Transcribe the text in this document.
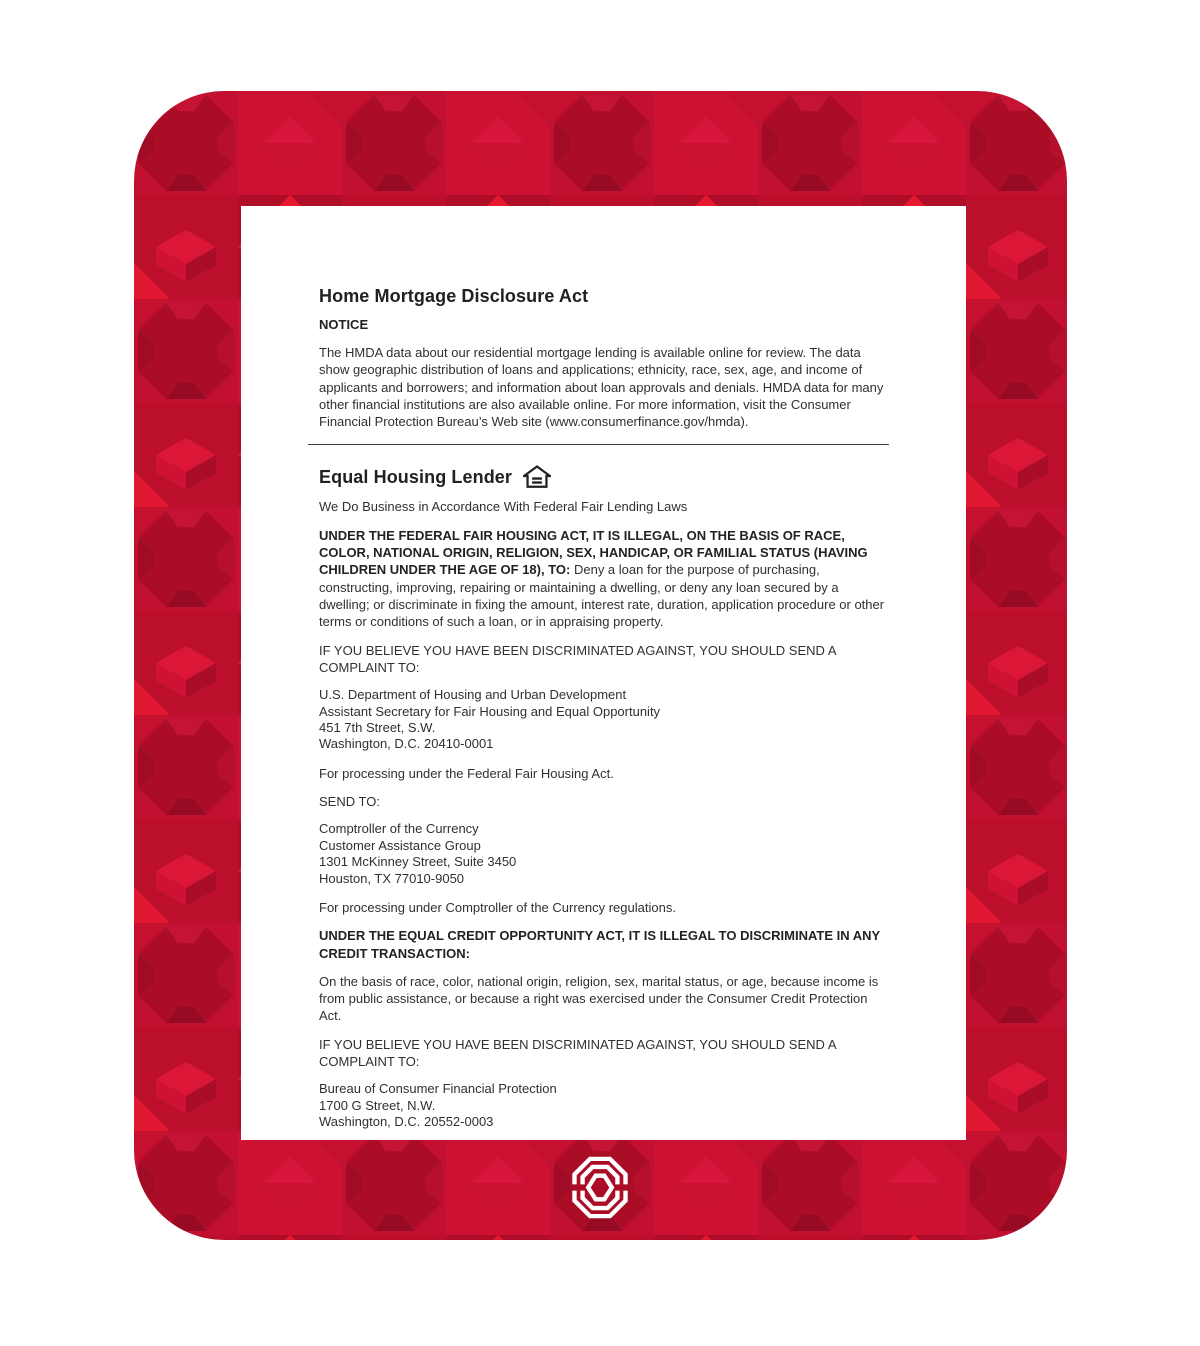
Home Mortgage Disclosure Act
NOTICE

The HMDA data about our residential mortgage lending is available online for review. The data show geographic distribution of loans and applications; ethnicity, race, sex, age, and income of applicants and borrowers; and information about loan approvals and denials. HMDA data for many other financial institutions are also available online. For more information, visit the Consumer Financial Protection Bureau’s Web site (www.consumerfinance.gov/hmda).

Equal Housing Lender

We Do Business in Accordance With Federal Fair Lending Laws

UNDER THE FEDERAL FAIR HOUSING ACT, IT IS ILLEGAL, ON THE BASIS OF RACE, COLOR, NATIONAL ORIGIN, RELIGION, SEX, HANDICAP, OR FAMILIAL STATUS (HAVING CHILDREN UNDER THE AGE OF 18), TO: Deny a loan for the purpose of purchasing, constructing, improving, repairing or maintaining a dwelling, or deny any loan secured by a dwelling; or discriminate in fixing the amount, interest rate, duration, application procedure or other terms or conditions of such a loan, or in appraising property.

IF YOU BELIEVE YOU HAVE BEEN DISCRIMINATED AGAINST, YOU SHOULD SEND A COMPLAINT TO:

U.S. Department of Housing and Urban Development
Assistant Secretary for Fair Housing and Equal Opportunity
451 7th Street, S.W.
Washington, D.C. 20410-0001

For processing under the Federal Fair Housing Act.

SEND TO:

Comptroller of the Currency
Customer Assistance Group
1301 McKinney Street, Suite 3450
Houston, TX 77010-9050

For processing under Comptroller of the Currency regulations.

UNDER THE EQUAL CREDIT OPPORTUNITY ACT, IT IS ILLEGAL TO DISCRIMINATE IN ANY CREDIT TRANSACTION:

On the basis of race, color, national origin, religion, sex, marital status, or age, because income is from public assistance, or because a right was exercised under the Consumer Credit Protection Act.

IF YOU BELIEVE YOU HAVE BEEN DISCRIMINATED AGAINST, YOU SHOULD SEND A COMPLAINT TO:

Bureau of Consumer Financial Protection
1700 G Street, N.W.
Washington, D.C. 20552-0003
